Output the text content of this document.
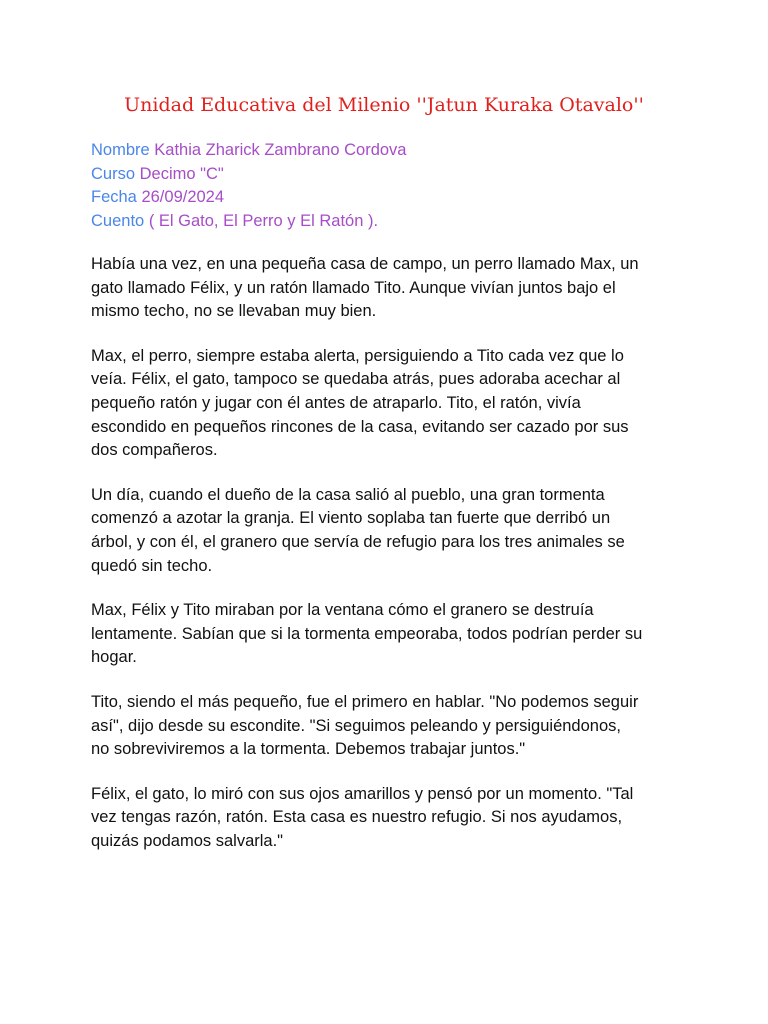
Unidad Educativa del Milenio ''Jatun Kuraka Otavalo''
Nombre Kathia Zharick Zambrano Cordova
Curso Decimo "C"
Fecha 26/09/2024
Cuento ( El Gato, El Perro y El Ratón ).

Había una vez, en una pequeña casa de campo, un perro llamado Max, un
gato llamado Félix, y un ratón llamado Tito. Aunque vivían juntos bajo el
mismo techo, no se llevaban muy bien.

Max, el perro, siempre estaba alerta, persiguiendo a Tito cada vez que lo
veía. Félix, el gato, tampoco se quedaba atrás, pues adoraba acechar al
pequeño ratón y jugar con él antes de atraparlo. Tito, el ratón, vivía
escondido en pequeños rincones de la casa, evitando ser cazado por sus
dos compañeros.

Un día, cuando el dueño de la casa salió al pueblo, una gran tormenta
comenzó a azotar la granja. El viento soplaba tan fuerte que derribó un
árbol, y con él, el granero que servía de refugio para los tres animales se
quedó sin techo.

Max, Félix y Tito miraban por la ventana cómo el granero se destruía
lentamente. Sabían que si la tormenta empeoraba, todos podrían perder su
hogar.

Tito, siendo el más pequeño, fue el primero en hablar. "No podemos seguir
así", dijo desde su escondite. "Si seguimos peleando y persiguiéndonos,
no sobreviviremos a la tormenta. Debemos trabajar juntos."

Félix, el gato, lo miró con sus ojos amarillos y pensó por un momento. "Tal
vez tengas razón, ratón. Esta casa es nuestro refugio. Si nos ayudamos,
quizás podamos salvarla."
